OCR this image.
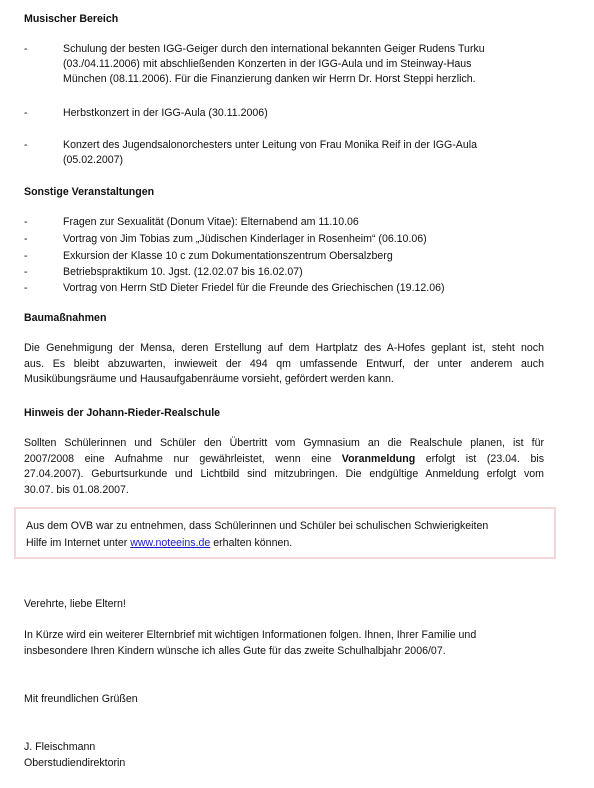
Musischer Bereich
-	Schulung der besten IGG-Geiger durch den international bekannten Geiger Rudens Turku
(03./04.11.2006) mit abschließenden Konzerten in der IGG-Aula und im Steinway-Haus
München (08.11.2006). Für die Finanzierung danken wir Herrn Dr. Horst Steppi herzlich.
-	Herbstkonzert in der IGG-Aula (30.11.2006)
-	Konzert des Jugendsalonorchesters unter Leitung von Frau Monika Reif in der IGG-Aula
(05.02.2007)
Sonstige Veranstaltungen
-	Fragen zur Sexualität (Donum Vitae): Elternabend am 11.10.06
-	Vortrag von Jim Tobias zum „Jüdischen Kinderlager in Rosenheim“ (06.10.06)
-	Exkursion der Klasse 10 c zum Dokumentationszentrum Obersalzberg
-	Betriebspraktikum 10. Jgst. (12.02.07 bis 16.02.07)
-	Vortrag von Herrn StD Dieter Friedel für die Freunde des Griechischen (19.12.06)
Baumaßnahmen
Die Genehmigung der Mensa, deren Erstellung auf dem Hartplatz des A-Hofes geplant ist, steht noch
aus. Es bleibt abzuwarten, inwieweit der 494 qm umfassende Entwurf, der unter anderem auch
Musikübungsräume und Hausaufgabenräume vorsieht, gefördert werden kann.
Hinweis der Johann-Rieder-Realschule
Sollten Schülerinnen und Schüler den Übertritt vom Gymnasium an die Realschule planen, ist für
2007/2008 eine Aufnahme nur gewährleistet, wenn eine Voranmeldung erfolgt ist (23.04. bis
27.04.2007). Geburtsurkunde und Lichtbild sind mitzubringen. Die endgültige Anmeldung erfolgt vom
30.07. bis 01.08.2007.
Verehrte, liebe Eltern!
In Kürze wird ein weiterer Elternbrief mit wichtigen Informationen folgen. Ihnen, Ihrer Familie und
insbesondere Ihren Kindern wünsche ich alles Gute für das zweite Schulhalbjahr 2006/07.
Mit freundlichen Grüßen
J. Fleischmann
Oberstudiendirektorin
Aus dem OVB war zu entnehmen, dass Schülerinnen und Schüler bei schulischen Schwierigkeiten
Hilfe im Internet unter www.noteeins.de erhalten können.
